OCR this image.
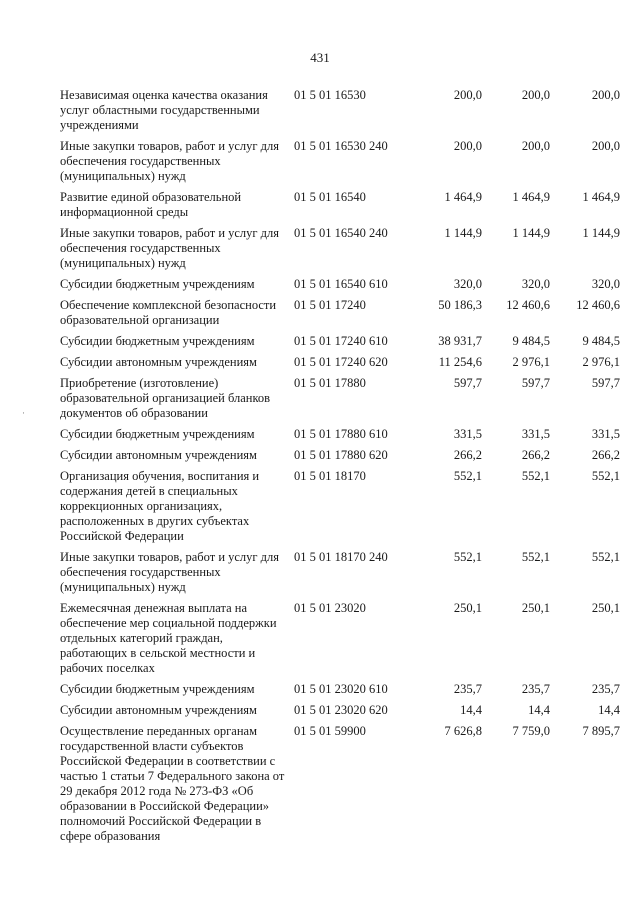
431
·
Независимая оценка качества оказания услуг областными государственными учреждениями	01 5 01 16530	200,0	200,0	200,0
Иные закупки товаров, работ и услуг для обеспечения государственных (муниципальных) нужд	01 5 01 16530 240	200,0	200,0	200,0
Развитие единой образовательной информационной среды	01 5 01 16540	1 464,9	1 464,9	1 464,9
Иные закупки товаров, работ и услуг для обеспечения государственных (муниципальных) нужд	01 5 01 16540 240	1 144,9	1 144,9	1 144,9
Субсидии бюджетным учреждениям	01 5 01 16540 610	320,0	320,0	320,0
Обеспечение комплексной безопасности образовательной организации	01 5 01 17240	50 186,3	12 460,6	12 460,6
Субсидии бюджетным учреждениям	01 5 01 17240 610	38 931,7	9 484,5	9 484,5
Субсидии автономным учреждениям	01 5 01 17240 620	11 254,6	2 976,1	2 976,1
Приобретение (изготовление) образовательной организацией бланков документов об образовании	01 5 01 17880	597,7	597,7	597,7
Субсидии бюджетным учреждениям	01 5 01 17880 610	331,5	331,5	331,5
Субсидии автономным учреждениям	01 5 01 17880 620	266,2	266,2	266,2
Организация обучения, воспитания и содержания детей в специальных коррекционных организациях, расположенных в других субъектах Российской Федерации	01 5 01 18170	552,1	552,1	552,1
Иные закупки товаров, работ и услуг для обеспечения государственных (муниципальных) нужд	01 5 01 18170 240	552,1	552,1	552,1
Ежемесячная денежная выплата на обеспечение мер социальной поддержки отдельных категорий граждан, работающих в сельской местности и рабочих поселках	01 5 01 23020	250,1	250,1	250,1
Субсидии бюджетным учреждениям	01 5 01 23020 610	235,7	235,7	235,7
Субсидии автономным учреждениям	01 5 01 23020 620	14,4	14,4	14,4
Осуществление переданных органам государственной власти субъектов Российской Федерации в соответствии с частью 1 статьи 7 Федерального закона от 29 декабря 2012 года № 273-ФЗ «Об образовании в Российской Федерации» полномочий Российской Федерации в сфере образования	01 5 01 59900	7 626,8	7 759,0	7 895,7
